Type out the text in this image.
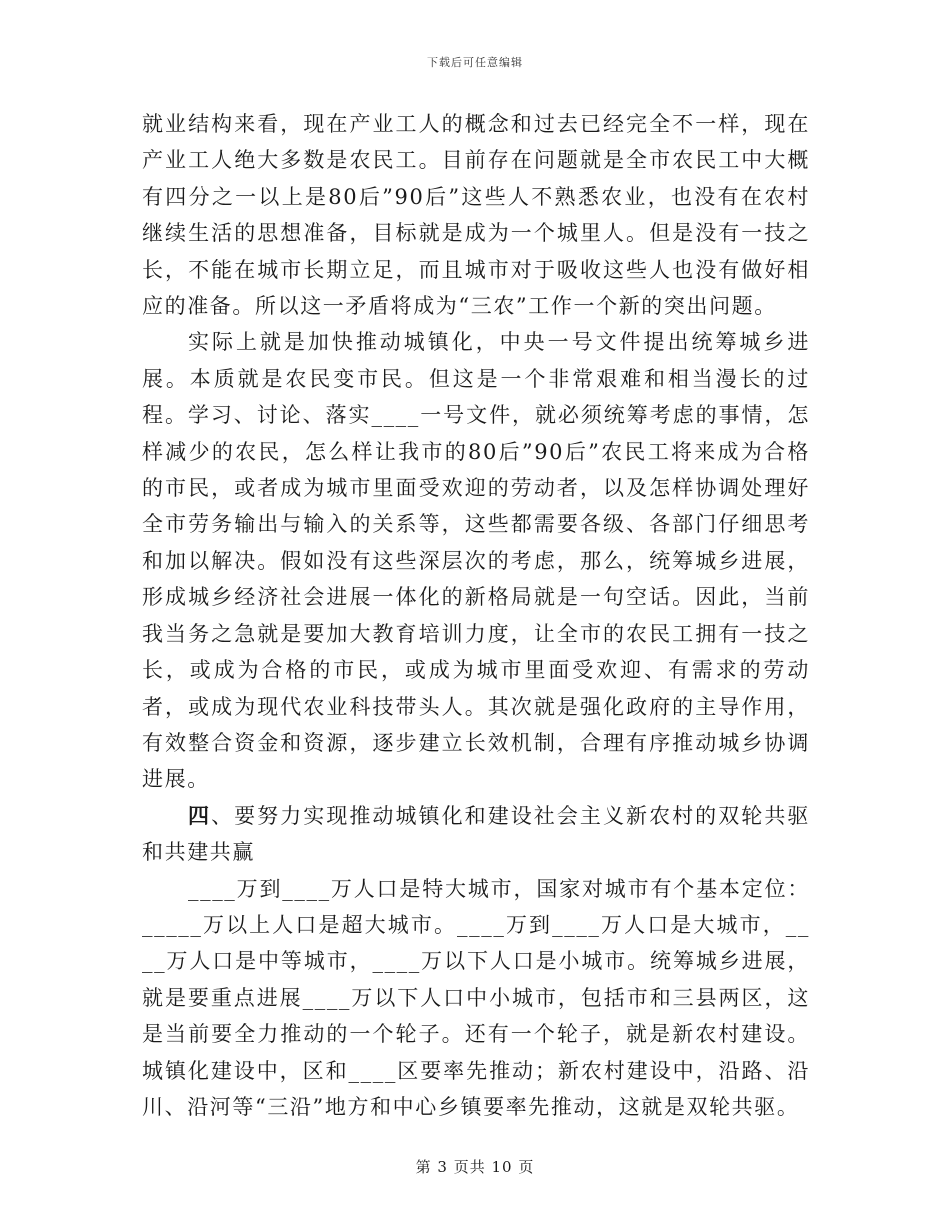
下载后可任意编辑

就业结构来看，现在产业工人的概念和过去已经完全不一样，现在产业工人绝大多数是农民工。目前存在问题就是全市农民工中大概有四分之一以上是80后”90后”这些人不熟悉农业，也没有在农村继续生活的思想准备，目标就是成为一个城里人。但是没有一技之长，不能在城市长期立足，而且城市对于吸收这些人也没有做好相应的准备。所以这一矛盾将成为“三农”工作一个新的突出问题。

实际上就是加快推动城镇化，中央一号文件提出统筹城乡进展。本质就是农民变市民。但这是一个非常艰难和相当漫长的过程。学习、讨论、落实____一号文件，就必须统筹考虑的事情，怎样减少的农民，怎么样让我市的80后”90后”农民工将来成为合格的市民，或者成为城市里面受欢迎的劳动者，以及怎样协调处理好全市劳务输出与输入的关系等，这些都需要各级、各部门仔细思考和加以解决。假如没有这些深层次的考虑，那么，统筹城乡进展，形成城乡经济社会进展一体化的新格局就是一句空话。因此，当前我当务之急就是要加大教育培训力度，让全市的农民工拥有一技之长，或成为合格的市民，或成为城市里面受欢迎、有需求的劳动者，或成为现代农业科技带头人。其次就是强化政府的主导作用，有效整合资金和资源，逐步建立长效机制，合理有序推动城乡协调进展。

四、要努力实现推动城镇化和建设社会主义新农村的双轮共驱和共建共赢

____万到____万人口是特大城市，国家对城市有个基本定位：_____万以上人口是超大城市。____万到____万人口是大城市，____万人口是中等城市，____万以下人口是小城市。统筹城乡进展，就是要重点进展____万以下人口中小城市，包括市和三县两区，这是当前要全力推动的一个轮子。还有一个轮子，就是新农村建设。城镇化建设中，区和____区要率先推动；新农村建设中，沿路、沿川、沿河等“三沿”地方和中心乡镇要率先推动，这就是双轮共驱。

第 3 页共 10 页
